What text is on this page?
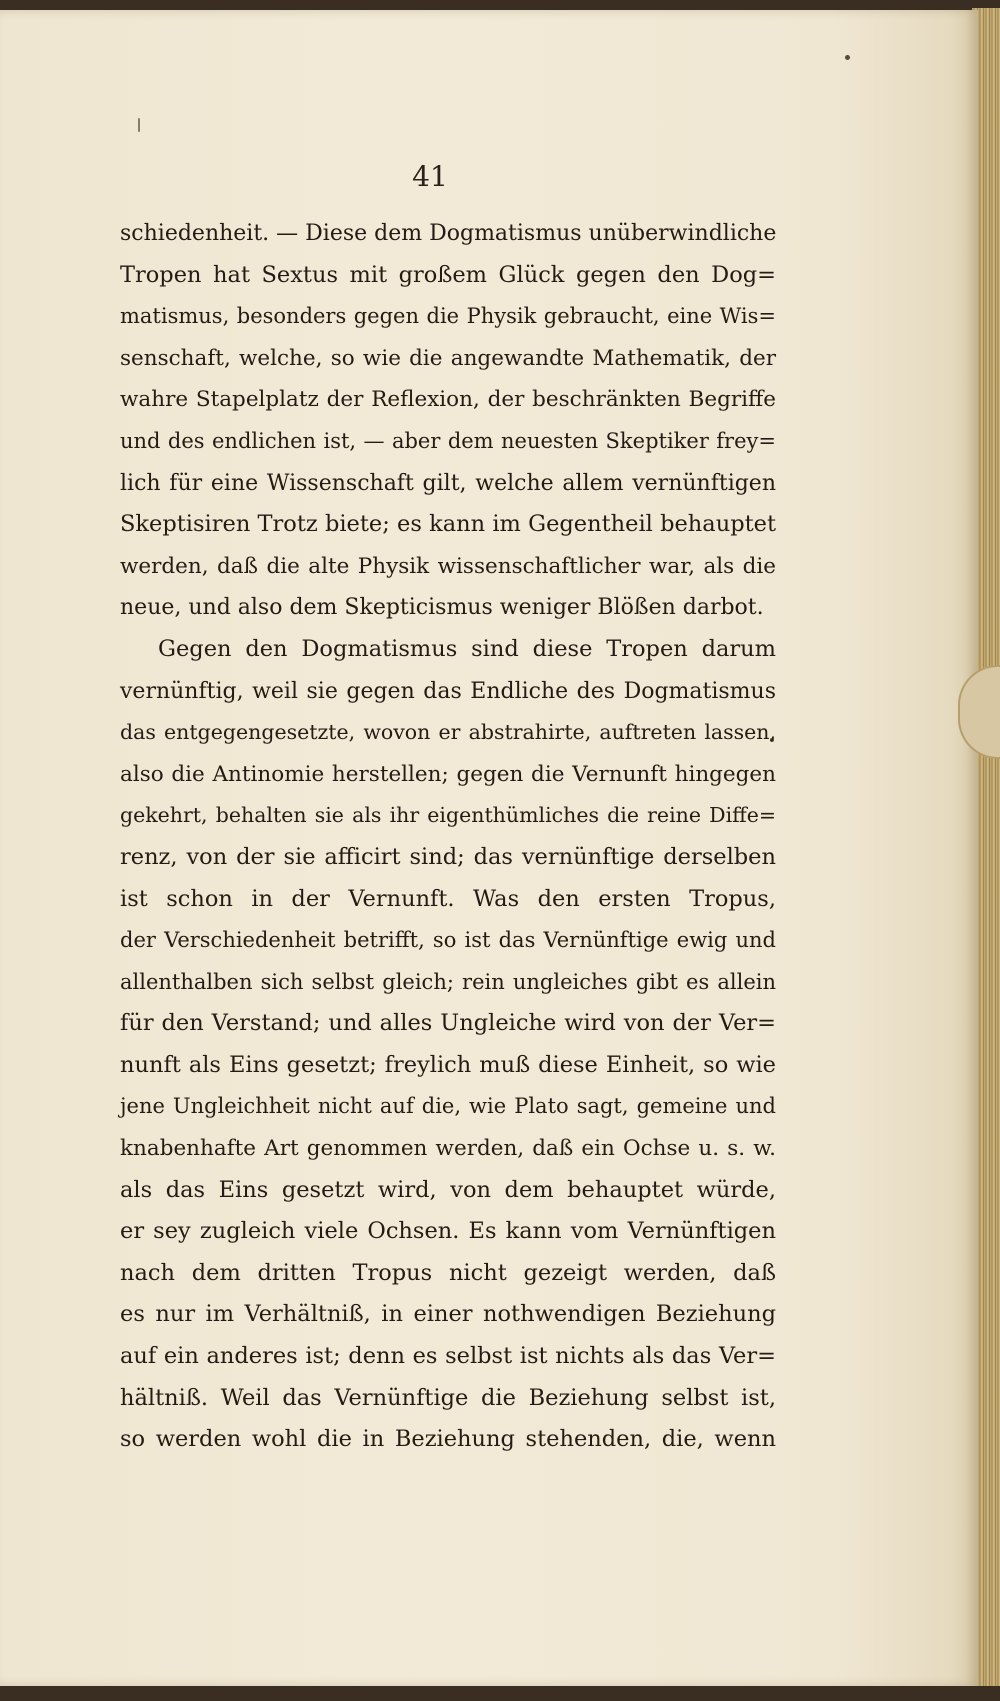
41
schiedenheit. — Diese dem Dogmatismus unüberwindliche
Tropen hat Sextus mit großem Glück gegen den Dog=
matismus, besonders gegen die Physik gebraucht, eine Wis=
senschaft, welche, so wie die angewandte Mathematik, der
wahre Stapelplatz der Reflexion, der beschränkten Begriffe
und des endlichen ist, — aber dem neuesten Skeptiker frey=
lich für eine Wissenschaft gilt, welche allem vernünftigen
Skeptisiren Trotz biete; es kann im Gegentheil behauptet
werden, daß die alte Physik wissenschaftlicher war, als die
neue, und also dem Skepticismus weniger Blößen darbot.
Gegen den Dogmatismus sind diese Tropen darum
vernünftig, weil sie gegen das Endliche des Dogmatismus
das entgegengesetzte, wovon er abstrahirte, auftreten lassen,
also die Antinomie herstellen; gegen die Vernunft hingegen
gekehrt, behalten sie als ihr eigenthümliches die reine Diffe=
renz, von der sie afficirt sind; das vernünftige derselben
ist schon in der Vernunft. Was den ersten Tropus,
der Verschiedenheit betrifft, so ist das Vernünftige ewig und
allenthalben sich selbst gleich; rein ungleiches gibt es allein
für den Verstand; und alles Ungleiche wird von der Ver=
nunft als Eins gesetzt; freylich muß diese Einheit, so wie
jene Ungleichheit nicht auf die, wie Plato sagt, gemeine und
knabenhafte Art genommen werden, daß ein Ochse u. s. w.
als das Eins gesetzt wird, von dem behauptet würde,
er sey zugleich viele Ochsen. Es kann vom Vernünftigen
nach dem dritten Tropus nicht gezeigt werden, daß
es nur im Verhältniß, in einer nothwendigen Beziehung
auf ein anderes ist; denn es selbst ist nichts als das Ver=
hältniß. Weil das Vernünftige die Beziehung selbst ist,
so werden wohl die in Beziehung stehenden, die, wenn
